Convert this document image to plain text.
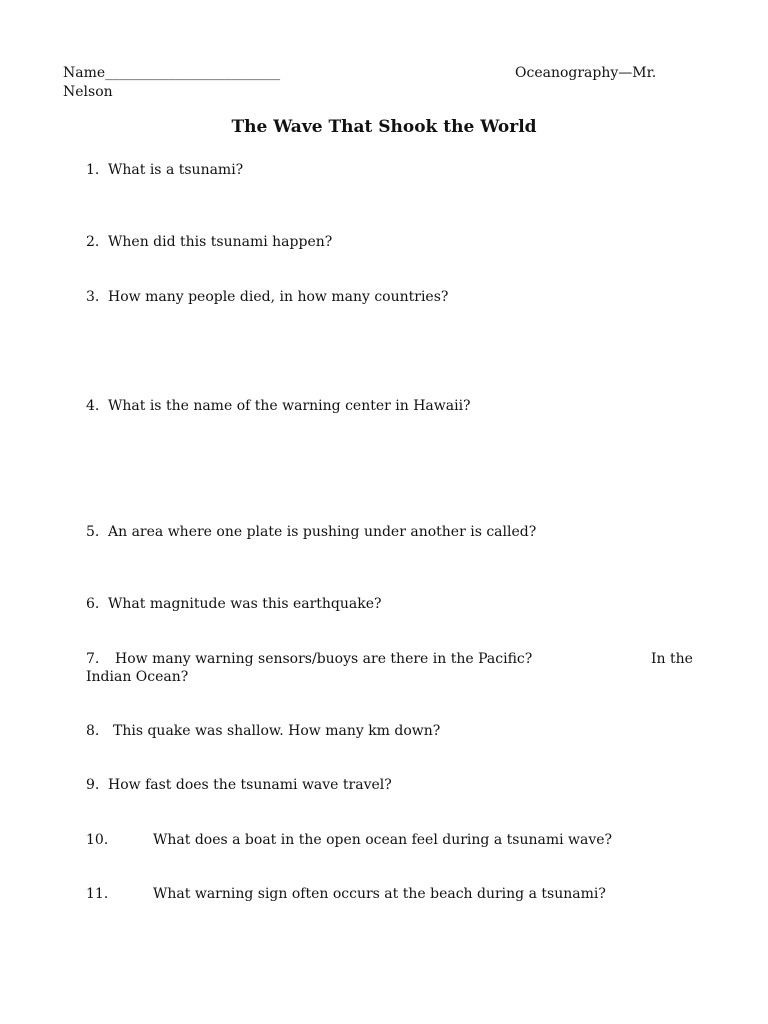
Name_________________________	Oceanography—Mr.
Nelson
The Wave That Shook the World
1. What is a tsunami?
2. When did this tsunami happen?
3. How many people died, in how many countries?
4. What is the name of the warning center in Hawaii?
5. An area where one plate is pushing under another is called?
6. What magnitude was this earthquake?
7. How many warning sensors/buoys are there in the Pacific?	In the
Indian Ocean?
8. This quake was shallow. How many km down?
9. How fast does the tsunami wave travel?
10.	What does a boat in the open ocean feel during a tsunami wave?
11.	What warning sign often occurs at the beach during a tsunami?
